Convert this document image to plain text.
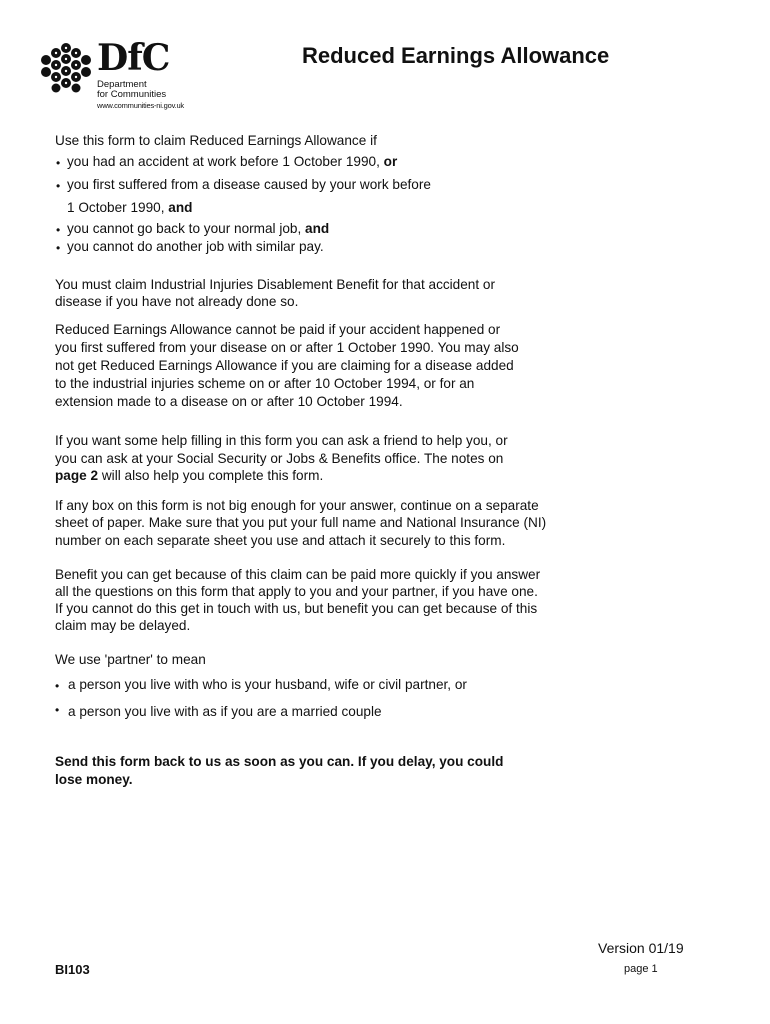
DfC
Department
for Communities
www.communities-ni.gov.uk
Reduced Earnings Allowance
Use this form to claim Reduced Earnings Allowance if
• you had an accident at work before 1 October 1990, or
• you first suffered from a disease caused by your work before
1 October 1990, and
• you cannot go back to your normal job, and
• you cannot do another job with similar pay.
You must claim Industrial Injuries Disablement Benefit for that accident or
disease if you have not already done so.
Reduced Earnings Allowance cannot be paid if your accident happened or
you first suffered from your disease on or after 1 October 1990. You may also
not get Reduced Earnings Allowance if you are claiming for a disease added
to the industrial injuries scheme on or after 10 October 1994, or for an
extension made to a disease on or after 10 October 1994.
If you want some help filling in this form you can ask a friend to help you, or
you can ask at your Social Security or Jobs & Benefits office. The notes on
page 2 will also help you complete this form.
If any box on this form is not big enough for your answer, continue on a separate
sheet of paper. Make sure that you put your full name and National Insurance (NI)
number on each separate sheet you use and attach it securely to this form.
Benefit you can get because of this claim can be paid more quickly if you answer
all the questions on this form that apply to you and your partner, if you have one.
If you cannot do this get in touch with us, but benefit you can get because of this
claim may be delayed.
We use 'partner' to mean
• a person you live with who is your husband, wife or civil partner, or
• a person you live with as if you are a married couple
Send this form back to us as soon as you can. If you delay, you could
lose money.
Version 01/19
BI103	page 1
